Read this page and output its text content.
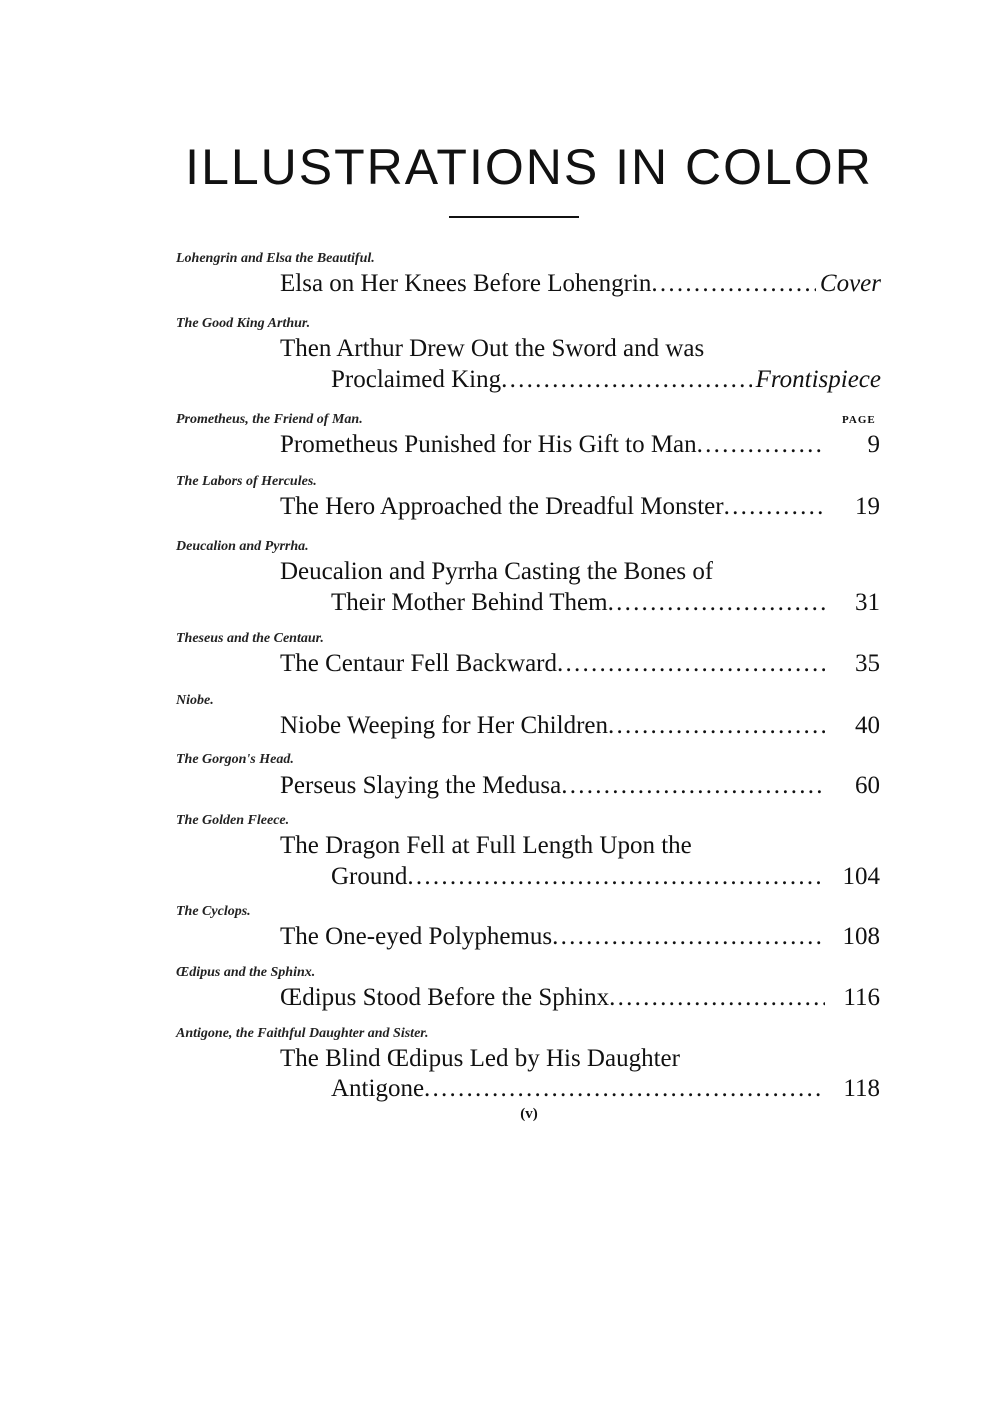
ILLUSTRATIONS IN COLOR
Lohengrin and Elsa the Beautiful.
Elsa on Her Knees Before Lohengrin . . .	Cover
The Good King Arthur.
Then Arthur Drew Out the Sword and was
Proclaimed King . . .	Frontispiece
PAGE
Prometheus, the Friend of Man.
Prometheus Punished for His Gift to Man . . .	9
The Labors of Hercules.
The Hero Approached the Dreadful Monster . . .	19
Deucalion and Pyrrha.
Deucalion and Pyrrha Casting the Bones of
Their Mother Behind Them . . .	31
Theseus and the Centaur.
The Centaur Fell Backward . . .	35
Niobe.
Niobe Weeping for Her Children . . .	40
The Gorgon's Head.
Perseus Slaying the Medusa . . .	60
The Golden Fleece.
The Dragon Fell at Full Length Upon the
Ground . . .	104
The Cyclops.
The One-eyed Polyphemus . . .	108
Œdipus and the Sphinx.
Œdipus Stood Before the Sphinx . . .	116
Antigone, the Faithful Daughter and Sister.
The Blind Œdipus Led by His Daughter
Antigone . . .	118
(v)
